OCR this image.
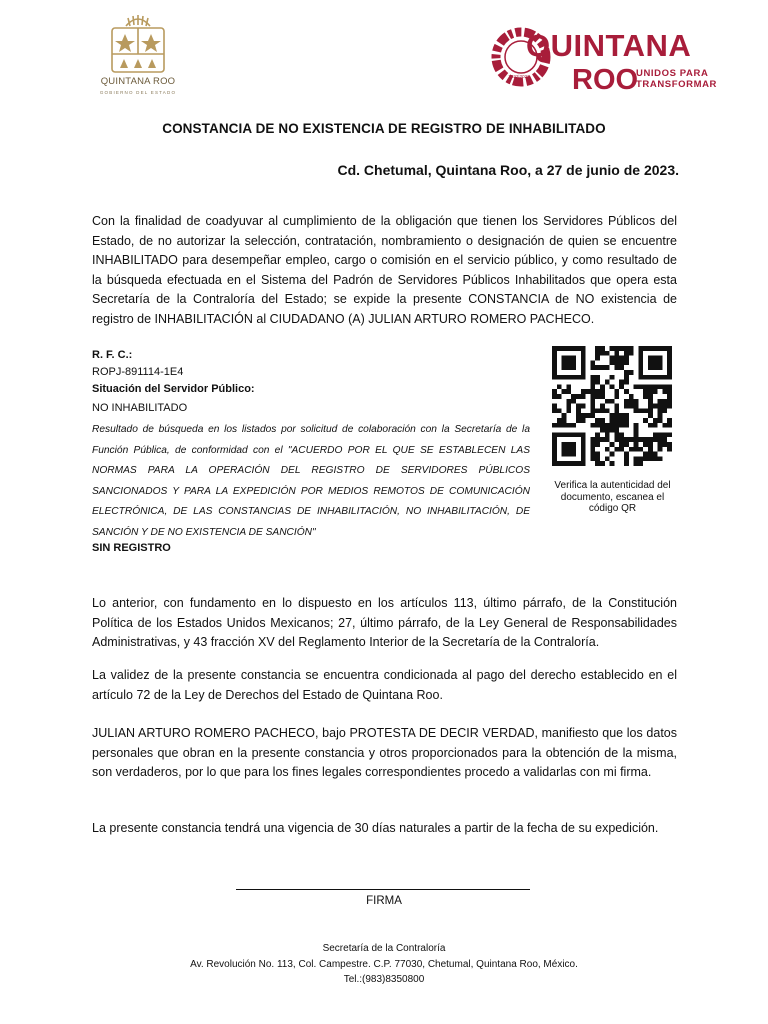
QUINTANA ROO
GOBIERNO DEL ESTADO
QUINTANA
ROO
UNIDOS PARA
TRANSFORMAR
2022|2027
CONSTANCIA DE NO EXISTENCIA DE REGISTRO DE INHABILITADO
Cd. Chetumal, Quintana Roo, a 27 de junio de 2023.
Con la finalidad de coadyuvar al cumplimiento de la obligación que tienen los Servidores Públicos del Estado, de no autorizar la selección, contratación, nombramiento o designación de quien se encuentre INHABILITADO para desempeñar empleo, cargo o comisión en el servicio público, y como resultado de la búsqueda efectuada en el Sistema del Padrón de Servidores Públicos Inhabilitados que opera esta Secretaría de la Contraloría del Estado; se expide la presente CONSTANCIA de NO existencia de registro de INHABILITACIÓN al CIUDADANO (A) JULIAN ARTURO ROMERO PACHECO.
R. F. C.:
ROPJ-891114-1E4
Situación del Servidor Público:
NO INHABILITADO
Resultado de búsqueda en los listados por solicitud de colaboración con la Secretaría de la Función Pública, de conformidad con el "ACUERDO POR EL QUE SE ESTABLECEN LAS NORMAS PARA LA OPERACIÓN DEL REGISTRO DE SERVIDORES PÚBLICOS SANCIONADOS Y PARA LA EXPEDICIÓN POR MEDIOS REMOTOS DE COMUNICACIÓN ELECTRÓNICA, DE LAS CONSTANCIAS DE INHABILITACIÓN, NO INHABILITACIÓN, DE SANCIÓN Y DE NO EXISTENCIA DE SANCIÓN"
SIN REGISTRO
Verifica la autenticidad del documento, escanea el código QR
Lo anterior, con fundamento en lo dispuesto en los artículos 113, último párrafo, de la Constitución Política de los Estados Unidos Mexicanos; 27, último párrafo, de la Ley General de Responsabilidades Administrativas, y 43 fracción XV del Reglamento Interior de la Secretaría de la Contraloría.
La validez de la presente constancia se encuentra condicionada al pago del derecho establecido en el artículo 72 de la Ley de Derechos del Estado de Quintana Roo.
JULIAN ARTURO ROMERO PACHECO, bajo PROTESTA DE DECIR VERDAD, manifiesto que los datos personales que obran en la presente constancia y otros proporcionados para la obtención de la misma, son verdaderos, por lo que para los fines legales correspondientes procedo a validarlas con mi firma.
La presente constancia tendrá una vigencia de 30 días naturales a partir de la fecha de su expedición.
FIRMA
Secretaría de la Contraloría
Av. Revolución No. 113, Col. Campestre. C.P. 77030, Chetumal, Quintana Roo, México.
Tel.:(983)8350800
